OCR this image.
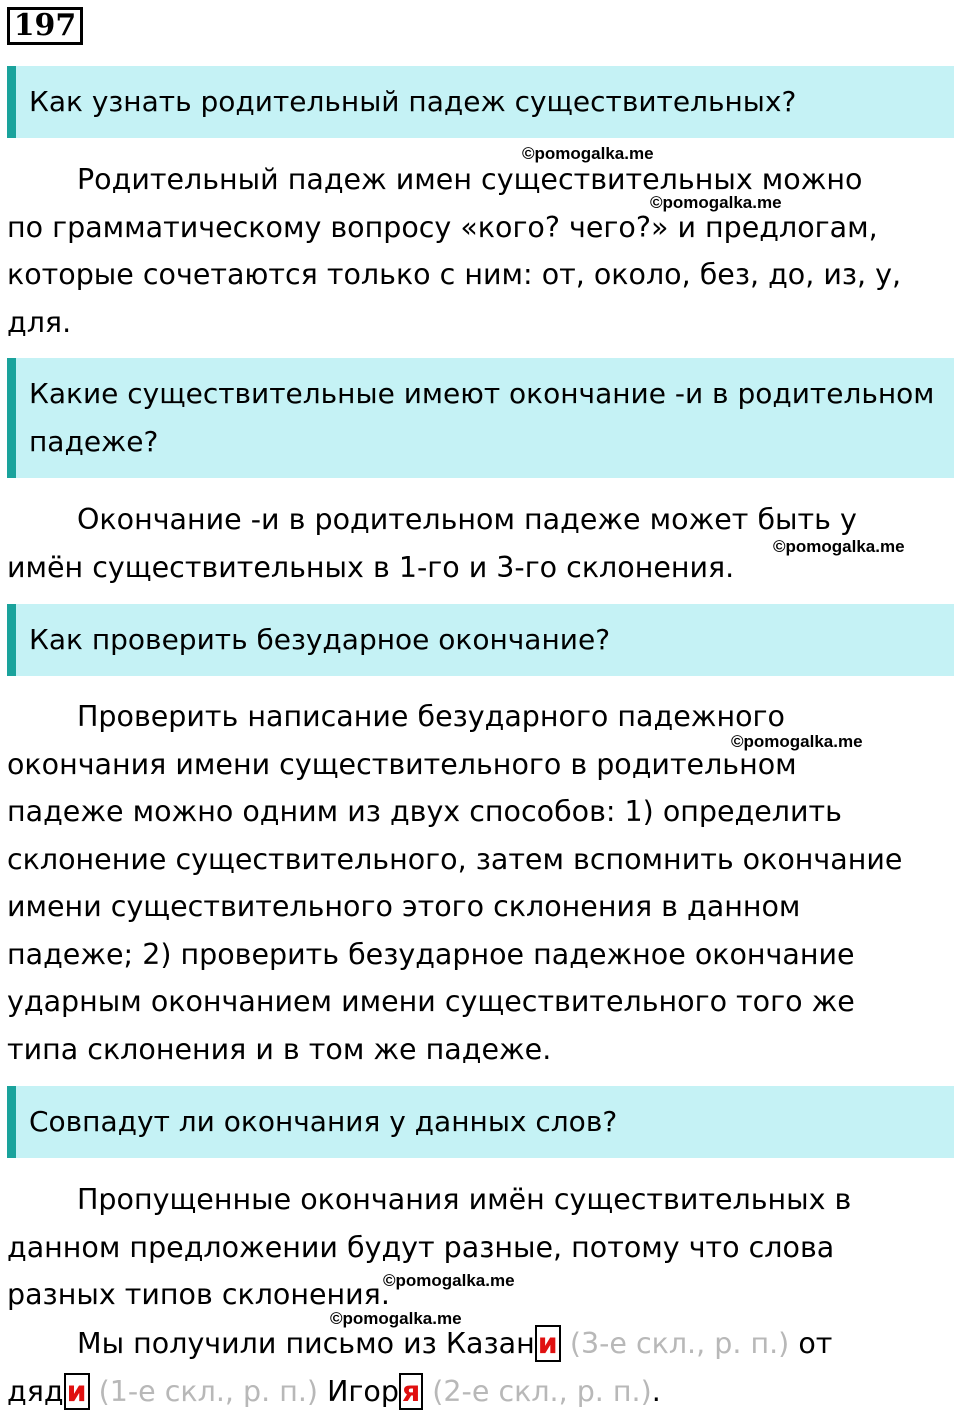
197
Как узнать родительный падеж существительных?

Родительный падеж имен существительных можно по грамматическому вопросу «кого? чего?» и предлогам, которые сочетаются только с ним: от, около, без, до, из, у, для.

Какие существительные имеют окончание -и в родительном падеже?

Окончание -и в родительном падеже может быть у имён существительных в 1-го и 3-го склонения.

Как проверить безударное окончание?

Проверить написание безударного падежного окончания имени существительного в родительном падеже можно одним из двух способов: 1) определить склонение существительного, затем вспомнить окончание имени существительного этого склонения в данном падеже; 2) проверить безударное падежное окончание ударным окончанием имени существительного того же типа склонения и в том же падеже.

Совпадут ли окончания у данных слов?

Пропущенные окончания имён существительных в данном предложении будут разные, потому что слова разных типов склонения.

Мы получили письмо из Казан и (3-е скл., р. п.) от дяд и (1-е скл., р. п.) Игор я (2-е скл., р. п.).

©pomogalka.me
©pomogalka.me
©pomogalka.me
©pomogalka.me
©pomogalka.me
©pomogalka.me
